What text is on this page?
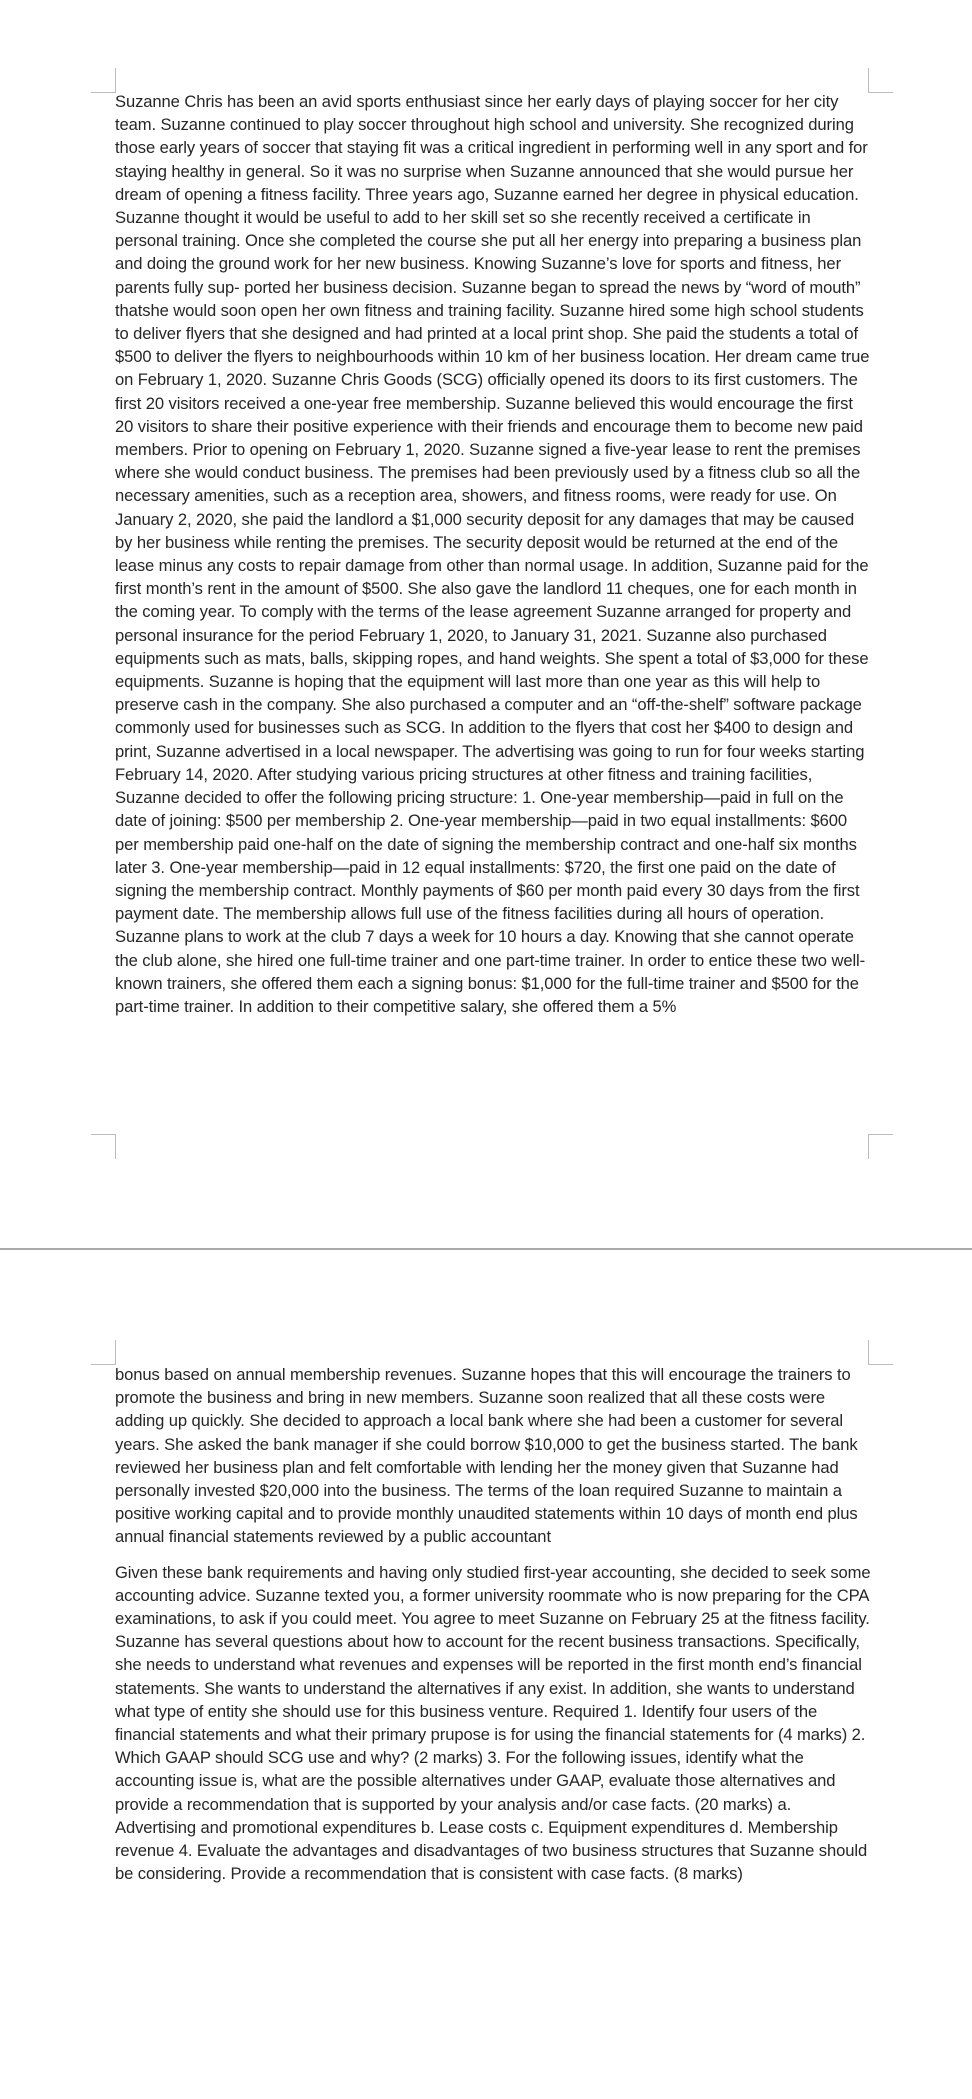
Suzanne Chris has been an avid sports enthusiast since her early days of playing soccer for her city team. Suzanne continued to play soccer throughout high school and university. She recognized during those early years of soccer that staying fit was a critical ingredient in performing well in any sport and for staying healthy in general. So it was no surprise when Suzanne announced that she would pursue her dream of opening a fitness facility. Three years ago, Suzanne earned her degree in physical education. Suzanne thought it would be useful to add to her skill set so she recently received a certificate in personal training. Once she completed the course she put all her energy into preparing a business plan and doing the ground work for her new business. Knowing Suzanne’s love for sports and fitness, her parents fully sup- ported her business decision. Suzanne began to spread the news by “word of mouth” thatshe would soon open her own fitness and training facility. Suzanne hired some high school students to deliver flyers that she designed and had printed at a local print shop. She paid the students a total of $500 to deliver the flyers to neighbourhoods within 10 km of her business location. Her dream came true on February 1, 2020. Suzanne Chris Goods (SCG) officially opened its doors to its first customers. The first 20 visitors received a one-year free membership. Suzanne believed this would encourage the first 20 visitors to share their positive experience with their friends and encourage them to become new paid members. Prior to opening on February 1, 2020. Suzanne signed a five-year lease to rent the premises where she would conduct business. The premises had been previously used by a fitness club so all the necessary amenities, such as a reception area, showers, and fitness rooms, were ready for use. On January 2, 2020, she paid the landlord a $1,000 security deposit for any damages that may be caused by her business while renting the premises. The security deposit would be returned at the end of the lease minus any costs to repair damage from other than normal usage. In addition, Suzanne paid for the first month’s rent in the amount of $500. She also gave the landlord 11 cheques, one for each month in the coming year. To comply with the terms of the lease agreement Suzanne arranged for property and personal insurance for the period February 1, 2020, to January 31, 2021. Suzanne also purchased equipments such as mats, balls, skipping ropes, and hand weights. She spent a total of $3,000 for these equipments. Suzanne is hoping that the equipment will last more than one year as this will help to preserve cash in the company. She also purchased a computer and an “off-the-shelf” software package commonly used for businesses such as SCG. In addition to the flyers that cost her $400 to design and print, Suzanne advertised in a local newspaper. The advertising was going to run for four weeks starting February 14, 2020. After studying various pricing structures at other fitness and training facilities, Suzanne decided to offer the following pricing structure: 1. One-year membership—paid in full on the date of joining: $500 per membership 2. One-year membership—paid in two equal installments: $600 per membership paid one-half on the date of signing the membership contract and one-half six months later 3. One-year membership—paid in 12 equal installments: $720, the first one paid on the date of signing the membership contract. Monthly payments of $60 per month paid every 30 days from the first payment date. The membership allows full use of the fitness facilities during all hours of operation. Suzanne plans to work at the club 7 days a week for 10 hours a day. Knowing that she cannot operate the club alone, she hired one full-time trainer and one part-time trainer. In order to entice these two well-known trainers, she offered them each a signing bonus: $1,000 for the full-time trainer and $500 for the part-time trainer. In addition to their competitive salary, she offered them a 5%

bonus based on annual membership revenues. Suzanne hopes that this will encourage the trainers to promote the business and bring in new members. Suzanne soon realized that all these costs were adding up quickly. She decided to approach a local bank where she had been a customer for several years. She asked the bank manager if she could borrow $10,000 to get the business started. The bank reviewed her business plan and felt comfortable with lending her the money given that Suzanne had personally invested $20,000 into the business. The terms of the loan required Suzanne to maintain a positive working capital and to provide monthly unaudited statements within 10 days of month end plus annual financial statements reviewed by a public accountant

Given these bank requirements and having only studied first-year accounting, she decided to seek some accounting advice. Suzanne texted you, a former university roommate who is now preparing for the CPA examinations, to ask if you could meet. You agree to meet Suzanne on February 25 at the fitness facility. Suzanne has several questions about how to account for the recent business transactions. Specifically, she needs to understand what revenues and expenses will be reported in the first month end’s financial statements. She wants to understand the alternatives if any exist. In addition, she wants to understand what type of entity she should use for this business venture. Required 1. Identify four users of the financial statements and what their primary prupose is for using the financial statements for (4 marks) 2. Which GAAP should SCG use and why? (2 marks) 3. For the following issues, identify what the accounting issue is, what are the possible alternatives under GAAP, evaluate those alternatives and provide a recommendation that is supported by your analysis and/or case facts. (20 marks) a. Advertising and promotional expenditures b. Lease costs c. Equipment expenditures d. Membership revenue 4. Evaluate the advantages and disadvantages of two business structures that Suzanne should be considering. Provide a recommendation that is consistent with case facts. (8 marks)
